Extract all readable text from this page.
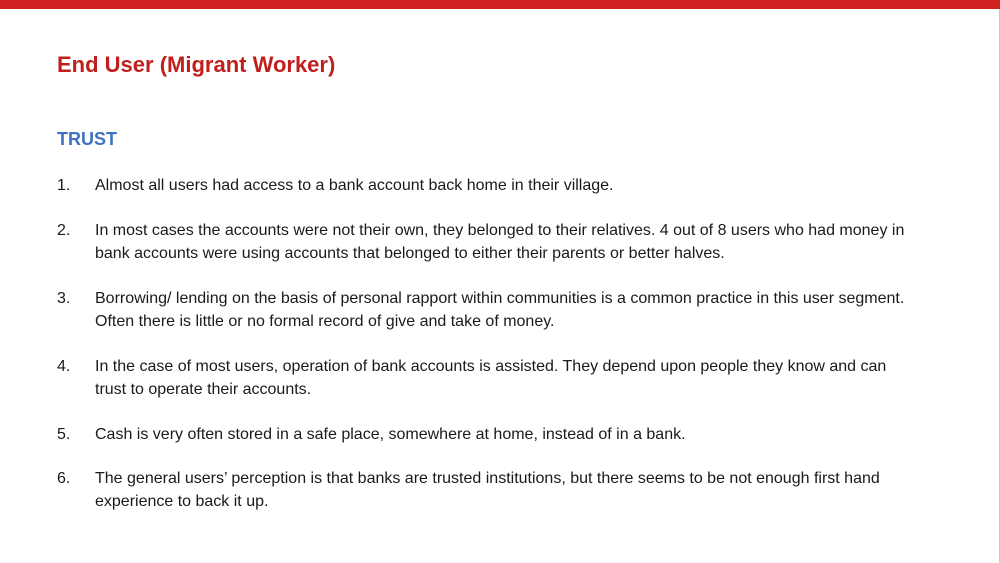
End User (Migrant Worker)
TRUST
1.	Almost all users had access to a bank account back home in their village.
2.	In most cases the accounts were not their own, they belonged to their relatives. 4 out of 8 users who had money in bank accounts were using accounts that belonged to either their parents or better halves.
3.	Borrowing/ lending on the basis of personal rapport within communities is a common practice in this user segment. Often there is little or no formal record of give and take of money.
4.	In the case of most users, operation of bank accounts is assisted. They depend upon people they know and can trust to operate their accounts.
5.	Cash is very often stored in a safe place, somewhere at home, instead of in a bank.
6.	The general users’ perception is that banks are trusted institutions, but there seems to be not enough first hand experience to back it up.
